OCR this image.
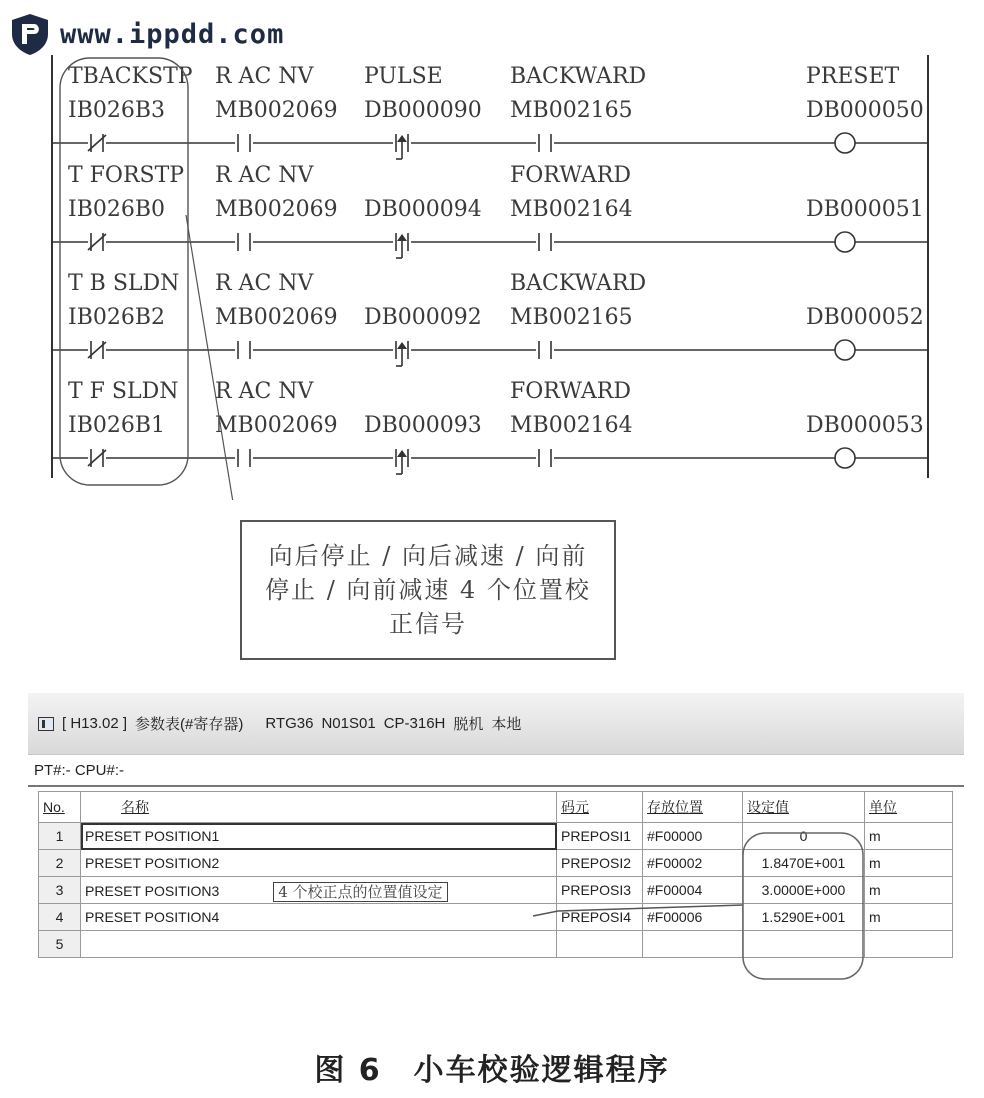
www.ippdd.com
TBACKSTP
IB026B3
R AC NV
MB002069
PULSE
DB000090
BACKWARD
MB002165
PRESET
DB000050
T FORSTP
IB026B0
R AC NV
MB002069 DB000094
FORWARD
MB002164	DB000051
T B SLDN
IB026B2
R AC NV
MB002069 DB000092
BACKWARD
MB002165	DB000052
T F SLDN
IB026B1
R AC NV
MB002069 DB000093
FORWARD
MB002164	DB000053
向后停止 / 向后减速 / 向前
停止 / 向前减速 4 个位置校
正信号
[ H13.02 ] 参数表(#寄存器) RTG36 N01S01 CP-316H 脱机 本地
PT#:- CPU#:-
No.	名称	码元	存放位置	设定值	单位
1	PRESET POSITION1	PREPOSI1	#F00000	0	m
2	PRESET POSITION2	PREPOSI2	#F00002	1.8470E+001	m
3	PRESET POSITION3 4 个校正点的位置值设定	PREPOSI3	#F00004	3.0000E+000	m
4	PRESET POSITION4	PREPOSI4	#F00006	1.5290E+001	m
5					
图 6　小车校验逻辑程序
